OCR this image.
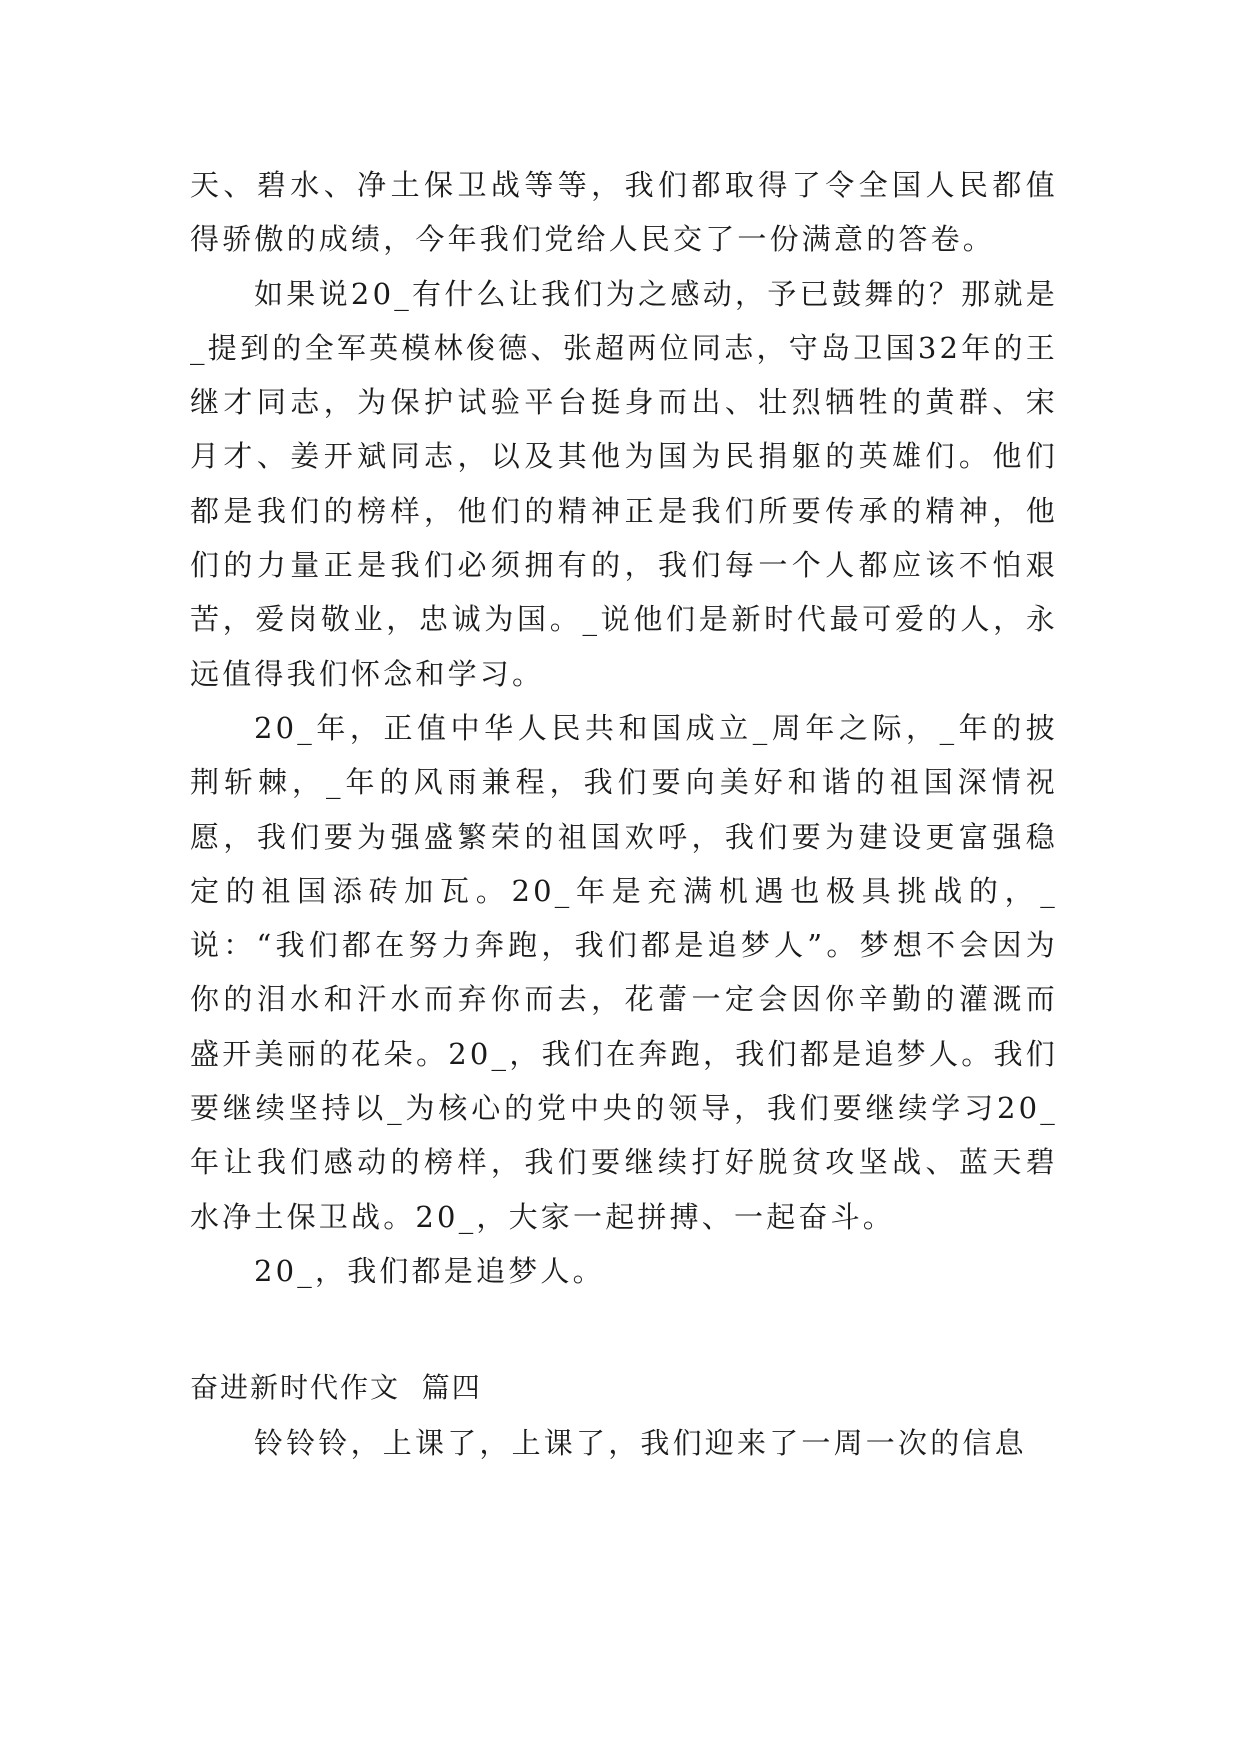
天、碧水、净土保卫战等等，我们都取得了令全国人民都值得骄傲的成绩，今年我们党给人民交了一份满意的答卷。

如果说20_有什么让我们为之感动，予已鼓舞的？那就是_提到的全军英模林俊德、张超两位同志，守岛卫国32年的王继才同志，为保护试验平台挺身而出、壮烈牺牲的黄群、宋月才、姜开斌同志，以及其他为国为民捐躯的英雄们。他们都是我们的榜样，他们的精神正是我们所要传承的精神，他们的力量正是我们必须拥有的，我们每一个人都应该不怕艰苦，爱岗敬业，忠诚为国。_说他们是新时代最可爱的人，永远值得我们怀念和学习。

20_年，正值中华人民共和国成立_周年之际，_年的披荆斩棘，_年的风雨兼程，我们要向美好和谐的祖国深情祝愿，我们要为强盛繁荣的祖国欢呼，我们要为建设更富强稳定的祖国添砖加瓦。20_年是充满机遇也极具挑战的，_说：“我们都在努力奔跑，我们都是追梦人”。梦想不会因为你的泪水和汗水而弃你而去，花蕾一定会因你辛勤的灌溉而盛开美丽的花朵。20_，我们在奔跑，我们都是追梦人。我们要继续坚持以_为核心的党中央的领导，我们要继续学习20_年让我们感动的榜样，我们要继续打好脱贫攻坚战、蓝天碧水净土保卫战。20_，大家一起拼搏、一起奋斗。

20_，我们都是追梦人。

奋进新时代作文  篇四

铃铃铃，上课了，上课了，我们迎来了一周一次的信息
